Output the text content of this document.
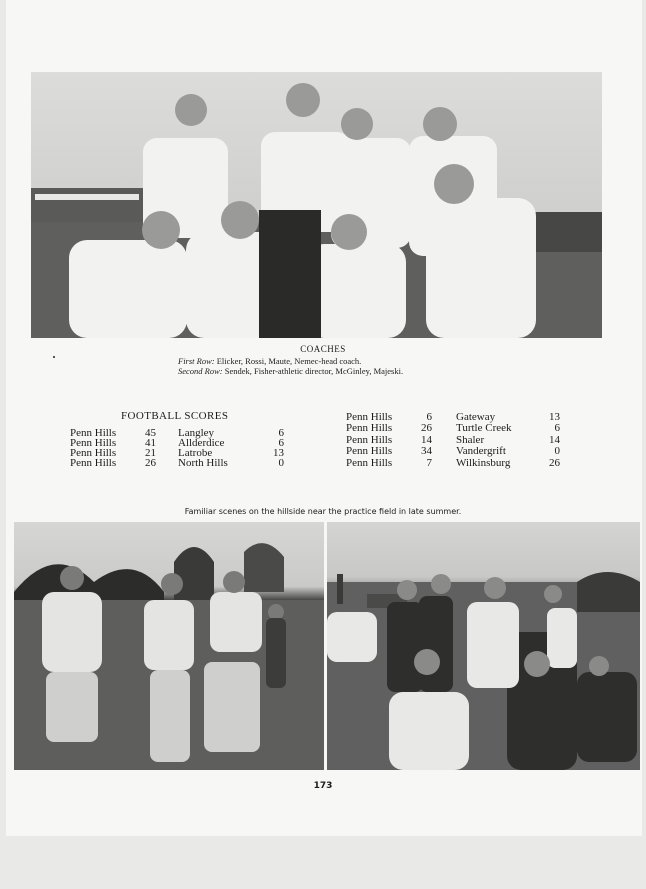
COACHES
First Row: Elicker, Rossi, Maute, Nemec-head coach.
Second Row: Sendek, Fisher-athletic director, McGinley, Majeski.
FOOTBALL SCORES
Penn Hills	45 Langley	6
Penn Hills	41 Allderdice	6
Penn Hills	21 Latrobe	13
Penn Hills	26 North Hills	0
Penn Hills	6 Gateway	13
Penn Hills	26 Turtle Creek	6
Penn Hills	14 Shaler	14
Penn Hills	34 Vandergrift	0
Penn Hills	7 Wilkinsburg	26
Familiar scenes on the hillside near the practice field in late summer.
173
